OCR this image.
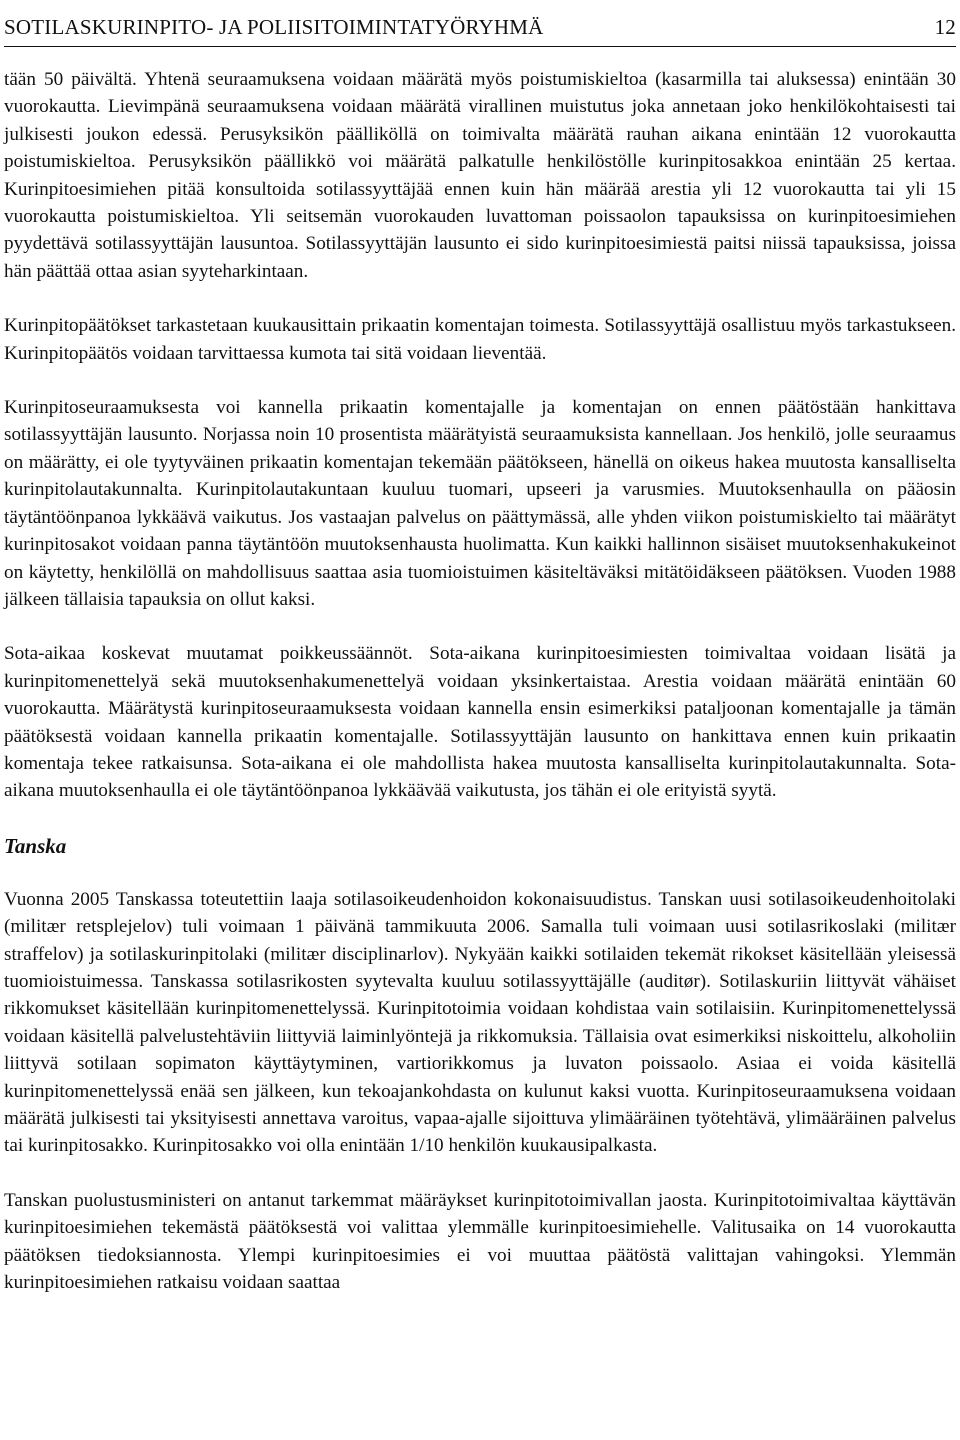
SOTILASKURINPITO- JA POLIISITOIMINTATYÖRYHMÄ	12

tään 50 päivältä. Yhtenä seuraamuksena voidaan määrätä myös poistumiskieltoa (kasarmilla tai aluksessa) enintään 30 vuorokautta. Lievimpänä seuraamuksena voidaan määrätä virallinen muistutus joka annetaan joko henkilökohtaisesti tai julkisesti joukon edessä. Perusyksikön päälliköllä on toimivalta määrätä rauhan aikana enintään 12 vuorokautta poistumiskieltoa. Perusyksikön päällikkö voi määrätä palkatulle henkilöstölle kurinpitosakkoa enintään 25 kertaa. Kurinpitoesimiehen pitää konsultoida sotilassyyttäjää ennen kuin hän määrää arestia yli 12 vuorokautta tai yli 15 vuorokautta poistumiskieltoa. Yli seitsemän vuorokauden luvattoman poissaolon tapauksissa on kurinpitoesimiehen pyydettävä sotilassyyttäjän lausuntoa. Sotilassyyttäjän lausunto ei sido kurinpitoesimiestä paitsi niissä tapauksissa, joissa hän päättää ottaa asian syyteharkintaan.

Kurinpitopäätökset tarkastetaan kuukausittain prikaatin komentajan toimesta. Sotilassyyttäjä osallistuu myös tarkastukseen. Kurinpitopäätös voidaan tarvittaessa kumota tai sitä voidaan lieventää.

Kurinpitoseuraamuksesta voi kannella prikaatin komentajalle ja komentajan on ennen päätöstään hankittava sotilassyyttäjän lausunto. Norjassa noin 10 prosentista määrätyistä seuraamuksista kannellaan. Jos henkilö, jolle seuraamus on määrätty, ei ole tyytyväinen prikaatin komentajan tekemään päätökseen, hänellä on oikeus hakea muutosta kansalliselta kurinpitolautakunnalta. Kurinpitolautakuntaan kuuluu tuomari, upseeri ja varusmies. Muutoksenhaulla on pääosin täytäntöönpanoa lykkäävä vaikutus. Jos vastaajan palvelus on päättymässä, alle yhden viikon poistumiskielto tai määrätyt kurinpitosakot voidaan panna täytäntöön muutoksenhausta huolimatta. Kun kaikki hallinnon sisäiset muutoksenhakukeinot on käytetty, henkilöllä on mahdollisuus saattaa asia tuomioistuimen käsiteltäväksi mitätöidäkseen päätöksen. Vuoden 1988 jälkeen tällaisia tapauksia on ollut kaksi.

Sota-aikaa koskevat muutamat poikkeussäännöt. Sota-aikana kurinpitoesimiesten toimivaltaa voidaan lisätä ja kurinpitomenettelyä sekä muutoksenhakumenettelyä voidaan yksinkertaistaa. Arestia voidaan määrätä enintään 60 vuorokautta. Määrätystä kurinpitoseuraamuksesta voidaan kannella ensin esimerkiksi pataljoonan komentajalle ja tämän päätöksestä voidaan kannella prikaatin komentajalle. Sotilassyyttäjän lausunto on hankittava ennen kuin prikaatin komentaja tekee ratkaisunsa. Sota-aikana ei ole mahdollista hakea muutosta kansalliselta kurinpitolautakunnalta. Sota-aikana muutoksenhaulla ei ole täytäntöönpanoa lykkäävää vaikutusta, jos tähän ei ole erityistä syytä.

Tanska

Vuonna 2005 Tanskassa toteutettiin laaja sotilasoikeudenhoidon kokonaisuudistus. Tanskan uusi sotilasoikeudenhoitolaki (militær retsplejelov) tuli voimaan 1 päivänä tammikuuta 2006. Samalla tuli voimaan uusi sotilasrikoslaki (militær straffelov) ja sotilaskurinpitolaki (militær disciplinarlov). Nykyään kaikki sotilaiden tekemät rikokset käsitellään yleisessä tuomioistuimessa. Tanskassa sotilasrikosten syytevalta kuuluu sotilassyyttäjälle (auditør). Sotilaskuriin liittyvät vähäiset rikkomukset käsitellään kurinpitomenettelyssä. Kurinpitotoimia voidaan kohdistaa vain sotilaisiin. Kurinpitomenettelyssä voidaan käsitellä palvelustehtäviin liittyviä laiminlyöntejä ja rikkomuksia. Tällaisia ovat esimerkiksi niskoittelu, alkoholiin liittyvä sotilaan sopimaton käyttäytyminen, vartiorikkomus ja luvaton poissaolo. Asiaa ei voida käsitellä kurinpitomenettelyssä enää sen jälkeen, kun tekoajankohdasta on kulunut kaksi vuotta. Kurinpitoseuraamuksena voidaan määrätä julkisesti tai yksityisesti annettava varoitus, vapaa-ajalle sijoittuva ylimääräinen työtehtävä, ylimääräinen palvelus tai kurinpitosakko. Kurinpitosakko voi olla enintään 1/10 henkilön kuukausipalkasta.

Tanskan puolustusministeri on antanut tarkemmat määräykset kurinpitotoimivallan jaosta. Kurinpitotoimivaltaa käyttävän kurinpitoesimiehen tekemästä päätöksestä voi valittaa ylemmälle kurinpitoesimiehelle. Valitusaika on 14 vuorokautta päätöksen tiedoksiannosta. Ylempi kurinpitoesimies ei voi muuttaa päätöstä valittajan vahingoksi. Ylemmän kurinpitoesimiehen ratkaisu voidaan saattaa
